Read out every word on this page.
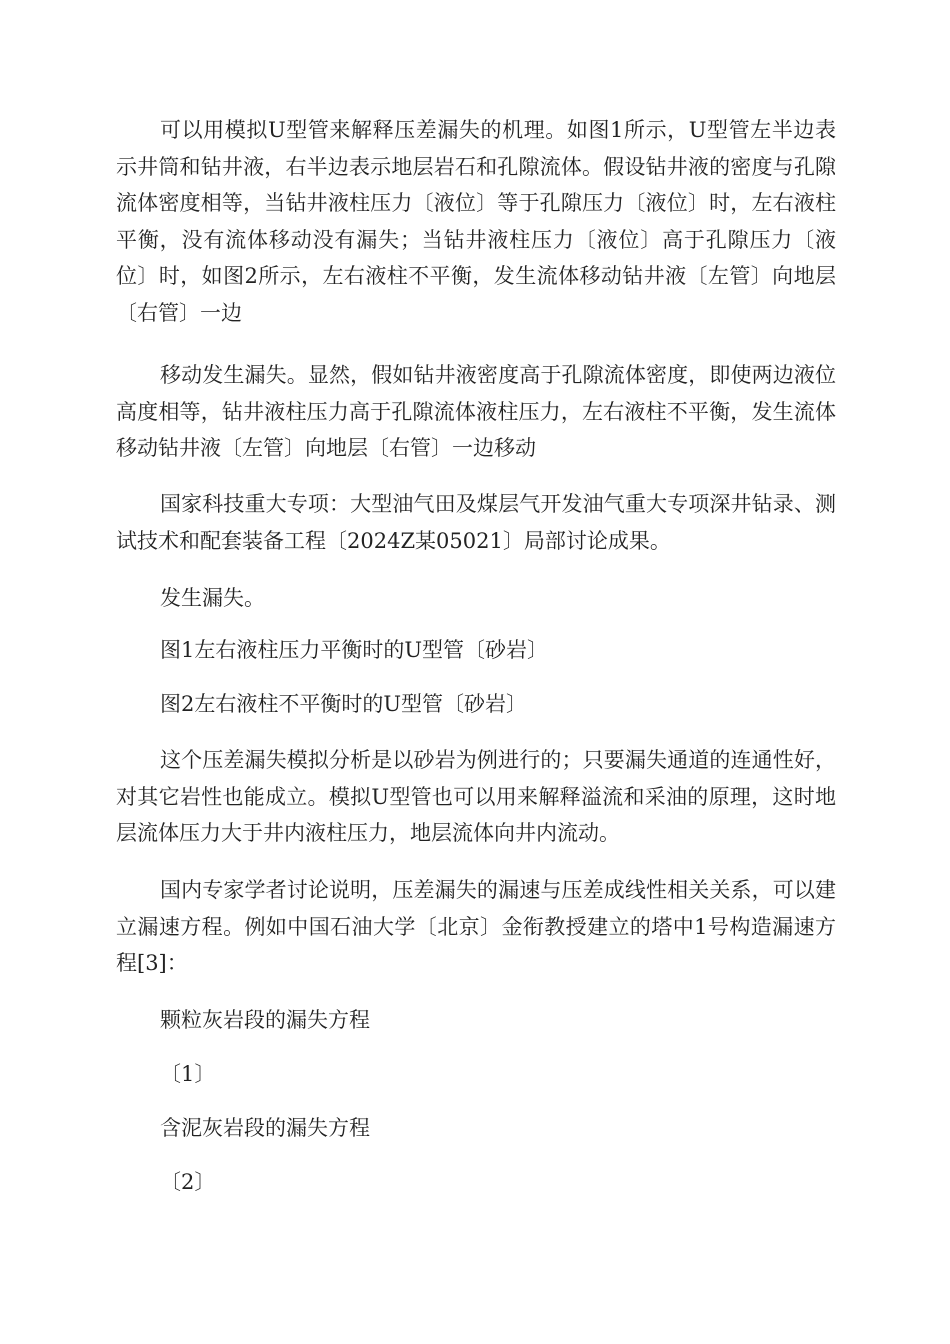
可以用模拟U型管来解释压差漏失的机理。如图1所示，U型管左半边表示井筒和钻井液，右半边表示地层岩石和孔隙流体。假设钻井液的密度与孔隙流体密度相等，当钻井液柱压力〔液位〕等于孔隙压力〔液位〕时，左右液柱平衡，没有流体移动没有漏失；当钻井液柱压力〔液位〕高于孔隙压力〔液位〕时，如图2所示，左右液柱不平衡，发生流体移动钻井液〔左管〕向地层〔右管〕一边

移动发生漏失。显然，假如钻井液密度高于孔隙流体密度，即使两边液位高度相等，钻井液柱压力高于孔隙流体液柱压力，左右液柱不平衡，发生流体移动钻井液〔左管〕向地层〔右管〕一边移动

国家科技重大专项：大型油气田及煤层气开发油气重大专项深井钻录、测试技术和配套装备工程〔2024Z某05021〕局部讨论成果。

发生漏失。

图1左右液柱压力平衡时的U型管〔砂岩〕

图2左右液柱不平衡时的U型管〔砂岩〕

这个压差漏失模拟分析是以砂岩为例进行的；只要漏失通道的连通性好，对其它岩性也能成立。模拟U型管也可以用来解释溢流和采油的原理，这时地层流体压力大于井内液柱压力，地层流体向井内流动。

国内专家学者讨论说明，压差漏失的漏速与压差成线性相关关系，可以建立漏速方程。例如中国石油大学〔北京〕金衔教授建立的塔中1号构造漏速方程[3]：

颗粒灰岩段的漏失方程

〔1〕

含泥灰岩段的漏失方程

〔2〕
